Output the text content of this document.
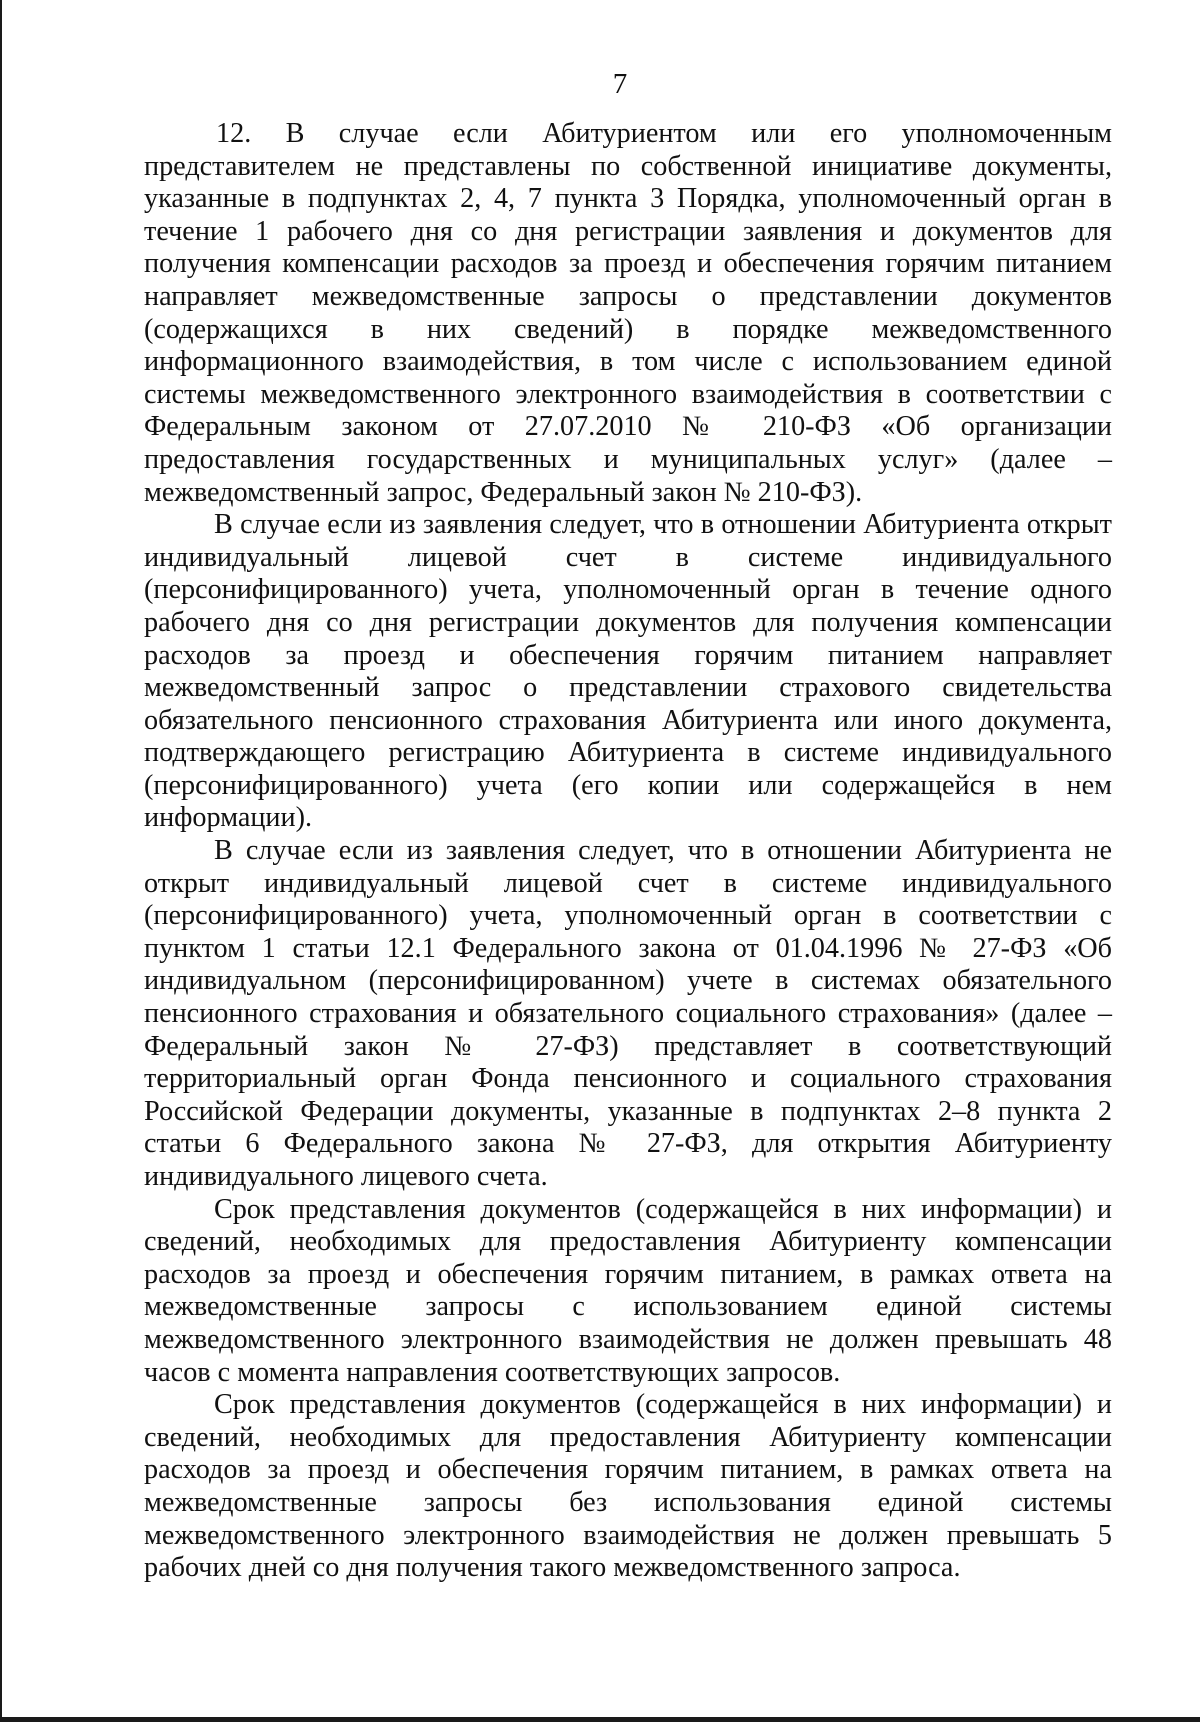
7

12. В случае если Абитуриентом или его уполномоченным представителем не представлены по собственной инициативе документы, указанные в подпунктах 2, 4, 7 пункта 3 Порядка, уполномоченный орган в течение 1 рабочего дня со дня регистрации заявления и документов для получения компенсации расходов за проезд и обеспечения горячим питанием направляет межведомственные запросы о представлении документов (содержащихся в них сведений) в порядке межведомственного информационного взаимодействия, в том числе с использованием единой системы межведомственного электронного взаимодействия в соответствии с Федеральным законом от 27.07.2010 № 210-ФЗ «Об организации предоставления государственных и муниципальных услуг» (далее – межведомственный запрос, Федеральный закон № 210-ФЗ).

В случае если из заявления следует, что в отношении Абитуриента открыт индивидуальный лицевой счет в системе индивидуального (персонифицированного) учета, уполномоченный орган в течение одного рабочего дня со дня регистрации документов для получения компенсации расходов за проезд и обеспечения горячим питанием направляет межведомственный запрос о представлении страхового свидетельства обязательного пенсионного страхования Абитуриента или иного документа, подтверждающего регистрацию Абитуриента в системе индивидуального (персонифицированного) учета (его копии или содержащейся в нем информации).

В случае если из заявления следует, что в отношении Абитуриента не открыт индивидуальный лицевой счет в системе индивидуального (персонифицированного) учета, уполномоченный орган в соответствии с пунктом 1 статьи 12.1 Федерального закона от 01.04.1996 № 27-ФЗ «Об индивидуальном (персонифицированном) учете в системах обязательного пенсионного страхования и обязательного социального страхования» (далее – Федеральный закон № 27-ФЗ) представляет в соответствующий территориальный орган Фонда пенсионного и социального страхования Российской Федерации документы, указанные в подпунктах 2–8 пункта 2 статьи 6 Федерального закона № 27-ФЗ, для открытия Абитуриенту индивидуального лицевого счета.

Срок представления документов (содержащейся в них информации) и сведений, необходимых для предоставления Абитуриенту компенсации расходов за проезд и обеспечения горячим питанием, в рамках ответа на межведомственные запросы с использованием единой системы межведомственного электронного взаимодействия не должен превышать 48 часов с момента направления соответствующих запросов.

Срок представления документов (содержащейся в них информации) и сведений, необходимых для предоставления Абитуриенту компенсации расходов за проезд и обеспечения горячим питанием, в рамках ответа на межведомственные запросы без использования единой системы межведомственного электронного взаимодействия не должен превышать 5 рабочих дней со дня получения такого межведомственного запроса.
